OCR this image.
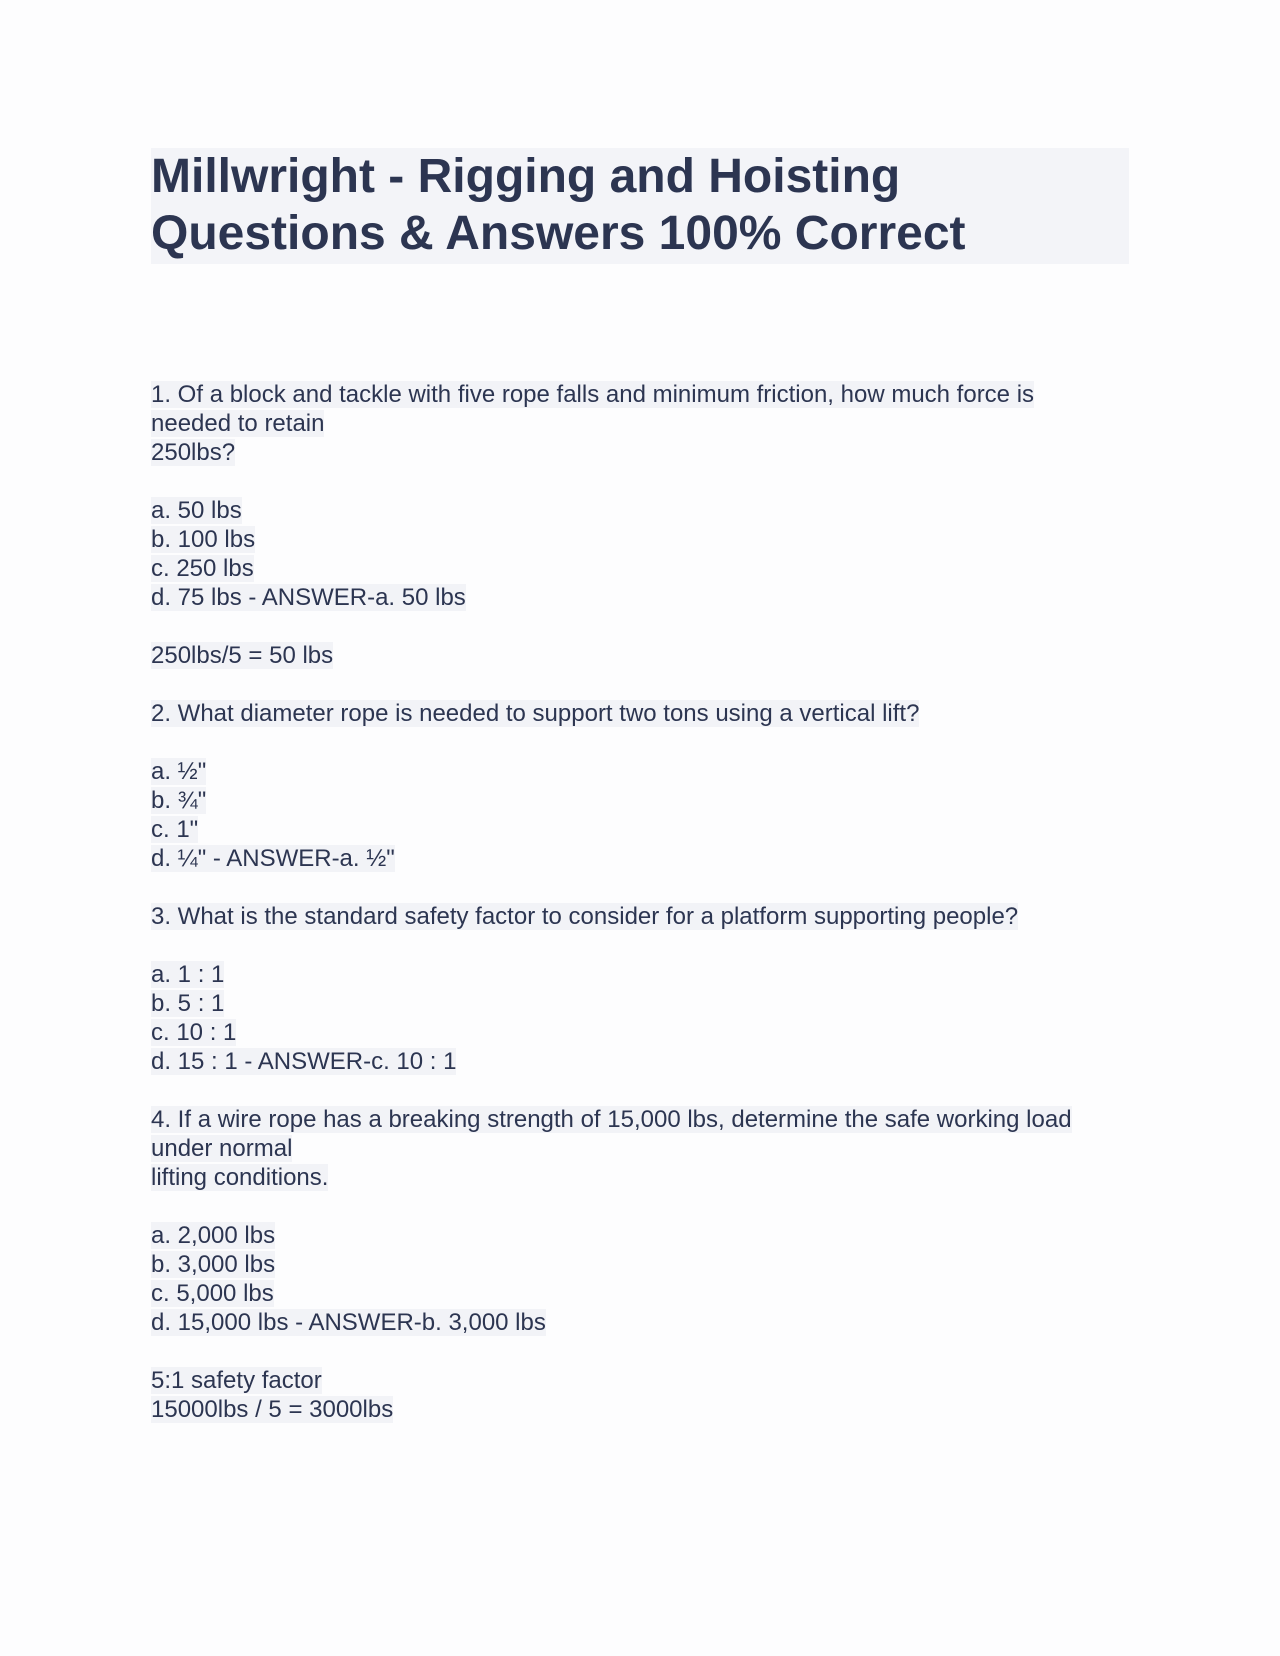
Millwright - Rigging and Hoisting
Questions & Answers 100% Correct
1. Of a block and tackle with five rope falls and minimum friction, how much force is
needed to retain
250lbs?
a. 50 lbs
b. 100 lbs
c. 250 lbs
d. 75 lbs - ANSWER-a. 50 lbs
250lbs/5 = 50 lbs
2. What diameter rope is needed to support two tons using a vertical lift?
a. ½"
b. ¾"
c. 1"
d. ¼" - ANSWER-a. ½"
3. What is the standard safety factor to consider for a platform supporting people?
a. 1 : 1
b. 5 : 1
c. 10 : 1
d. 15 : 1 - ANSWER-c. 10 : 1
4. If a wire rope has a breaking strength of 15,000 lbs, determine the safe working load
under normal
lifting conditions.
a. 2,000 lbs
b. 3,000 lbs
c. 5,000 lbs
d. 15,000 lbs - ANSWER-b. 3,000 lbs
5:1 safety factor
15000lbs / 5 = 3000lbs
